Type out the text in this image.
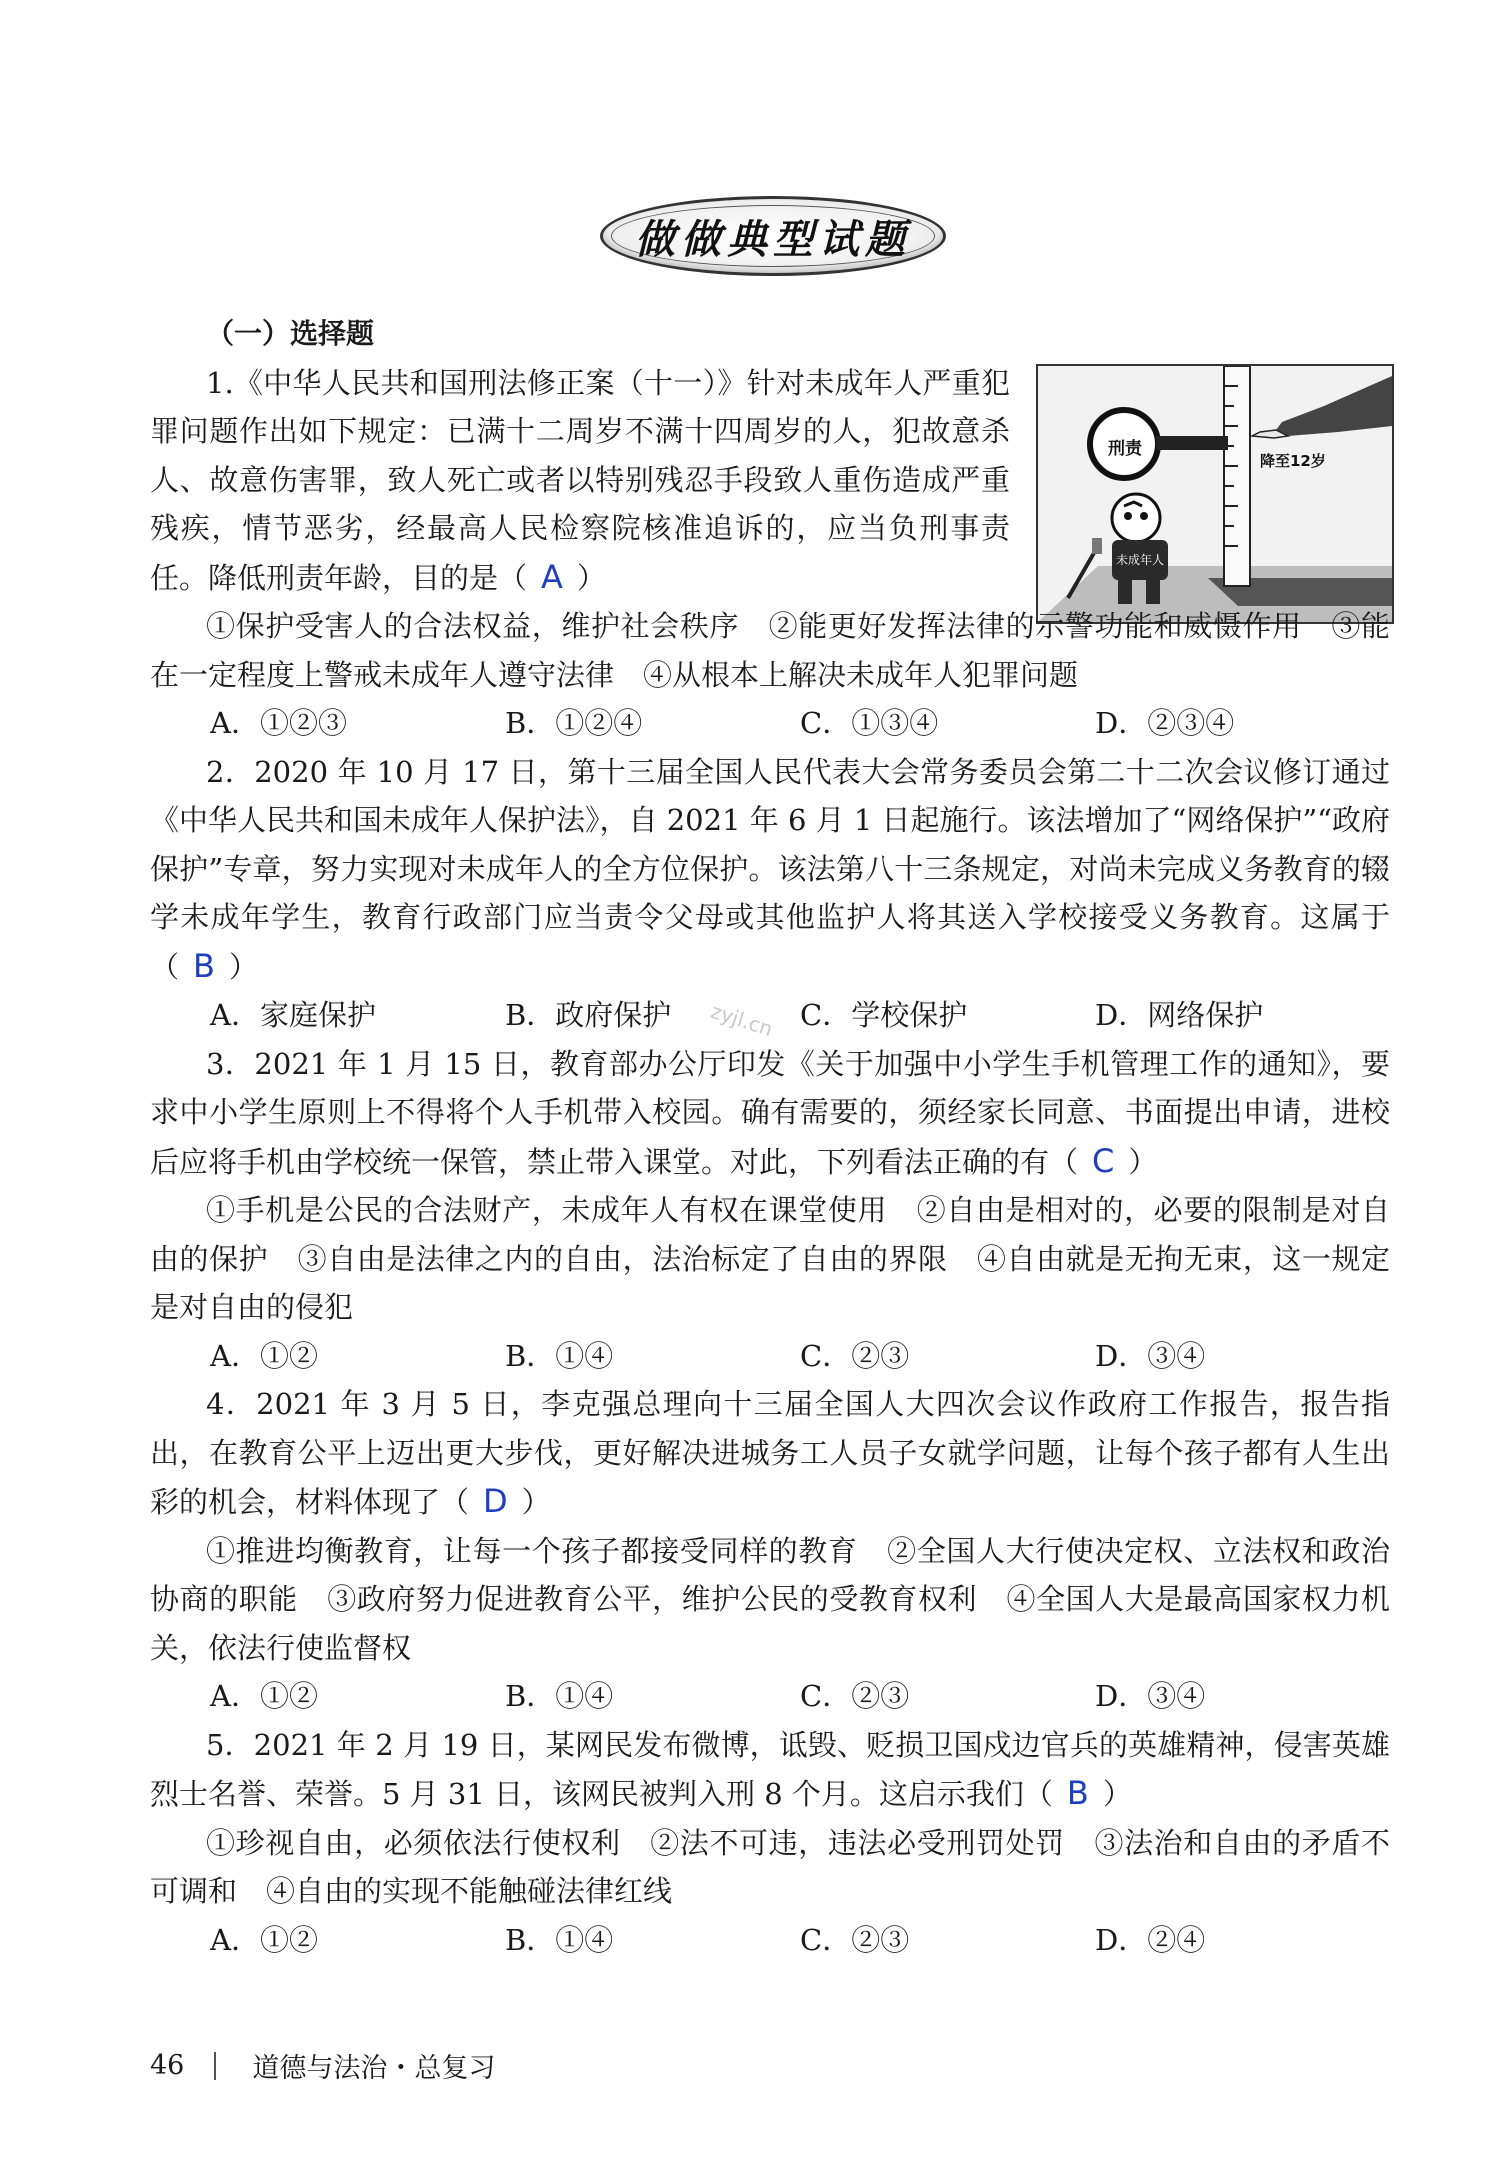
做做典型试题
刑责
降至12岁
未成年人
zyjl.cn

（一）选择题

1.《中华人民共和国刑法修正案（十一）》针对未成年人严重犯罪问题作出如下规定：已满十二周岁不满十四周岁的人，犯故意杀人、故意伤害罪，致人死亡或者以特别残忍手段致人重伤造成严重残疾，情节恶劣，经最高人民检察院核准追诉的，应当负刑事责任。降低刑责年龄，目的是（ A ）

①保护受害人的合法权益，维护社会秩序　②能更好发挥法律的示警功能和威慑作用　③能在一定程度上警戒未成年人遵守法律　④从根本上解决未成年人犯罪问题

A．①②③	B．①②④	C．①③④	D．②③④

2．2020 年 10 月 17 日，第十三届全国人民代表大会常务委员会第二十二次会议修订通过《中华人民共和国未成年人保护法》，自 2021 年 6 月 1 日起施行。该法增加了“网络保护”“政府保护”专章，努力实现对未成年人的全方位保护。该法第八十三条规定，对尚未完成义务教育的辍学未成年学生，教育行政部门应当责令父母或其他监护人将其送入学校接受义务教育。这属于（ B ）

A．家庭保护	B．政府保护	C．学校保护	D．网络保护

3．2021 年 1 月 15 日，教育部办公厅印发《关于加强中小学生手机管理工作的通知》，要求中小学生原则上不得将个人手机带入校园。确有需要的，须经家长同意、书面提出申请，进校后应将手机由学校统一保管，禁止带入课堂。对此，下列看法正确的有（ C ）

①手机是公民的合法财产，未成年人有权在课堂使用　②自由是相对的，必要的限制是对自由的保护　③自由是法律之内的自由，法治标定了自由的界限　④自由就是无拘无束，这一规定是对自由的侵犯

A．①②	B．①④	C．②③	D．③④

4．2021 年 3 月 5 日，李克强总理向十三届全国人大四次会议作政府工作报告，报告指出，在教育公平上迈出更大步伐，更好解决进城务工人员子女就学问题，让每个孩子都有人生出彩的机会，材料体现了（ D ）

①推进均衡教育，让每一个孩子都接受同样的教育　②全国人大行使决定权、立法权和政治协商的职能　③政府努力促进教育公平，维护公民的受教育权利　④全国人大是最高国家权力机关，依法行使监督权

A．①②	B．①④	C．②③	D．③④

5．2021 年 2 月 19 日，某网民发布微博，诋毁、贬损卫国戍边官兵的英雄精神，侵害英雄烈士名誉、荣誉。5 月 31 日，该网民被判入刑 8 个月。这启示我们（ B ）

①珍视自由，必须依法行使权利　②法不可违，违法必受刑罚处罚　③法治和自由的矛盾不可调和　④自由的实现不能触碰法律红线

A．①②	B．①④	C．②③	D．②④
46	道德与法治・总复习
